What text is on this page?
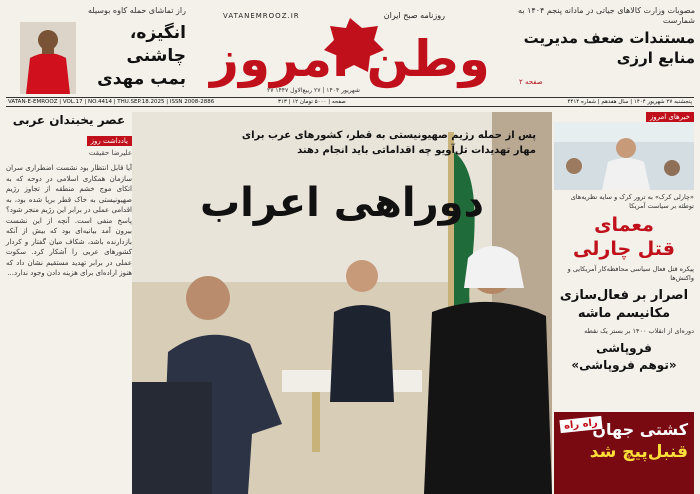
مصوبات وزارت کالاهای جیاتی در مادانه پنجم ۱۴۰۴ به شمارست
مستندات ضعف مدیریت
منابع ارزی
صفحه ۲
VATANEMROOZ.IR	روزنامه صبح ایران
وطن امروز
۲۷ شهریور ۱۴۰۴ | ۲۷ ربیع‌الاول ۱۴۴۷
راز تماشای حمله کاوه بوسیله
انگیزه، چاشنی
بمب مهدی
VATAN-E-EMROOZ | VOL.17 | NO.4414 | THU.SEP.18.2025 | ISSN 2008-2886	۳۱۳ | ۱۲ صفحه | ۵۰۰۰ تومان	پنجشنبه ۲۷ شهریور ۱۴۰۴ | سال هفدهم | شماره ۴۴۱۴
عصر یخبندان عربی
یادداشت روز
علیرضا حقیقت
آیا قابل انتظار بود نشست اضطراری سران سازمان همکاری اسلامی در دوحه که به اتکای موج خشم منطقه از تجاوز رژیم صهیونیستی به خاک قطر برپا شده بود، به اقدامی عملی در برابر این رژیم منجر شود؟ پاسخ منفی است. آنچه از این نشست بیرون آمد بیانیه‌ای بود که بیش از آنکه بازدارنده باشد، شکاف میان گفتار و کردار کشورهای عربی را آشکار کرد. سکوت عملی در برابر تهدید مستقیم نشان داد که هنوز اراده‌ای برای هزینه دادن وجود ندارد...
پس از حمله رژیم صهیونیستی به قطر، کشورهای عرب برای مهار تهدیدات تل‌آویو چه اقداماتی باید انجام دهند
دوراهی اعراب
خبرهای امروز
«چارلی کرک» به ترور کرک و سایه نظریه‌های توطئه بر سیاست آمریکا
معمای
قتل چارلی
پیکره قتل فعال سیاسی محافظه‌کار آمریکایی و واکنش‌ها
اصرار بر فعال‌سازی
مکانیسم ماشه
دوره‌ای از انقلاب ۱۴۰۰ بر بستر یک نقطه
فروپاشی
«توهم فروپاشی»
راه ‌راه
کشتی جهان
قنبل‌پیچ شد
